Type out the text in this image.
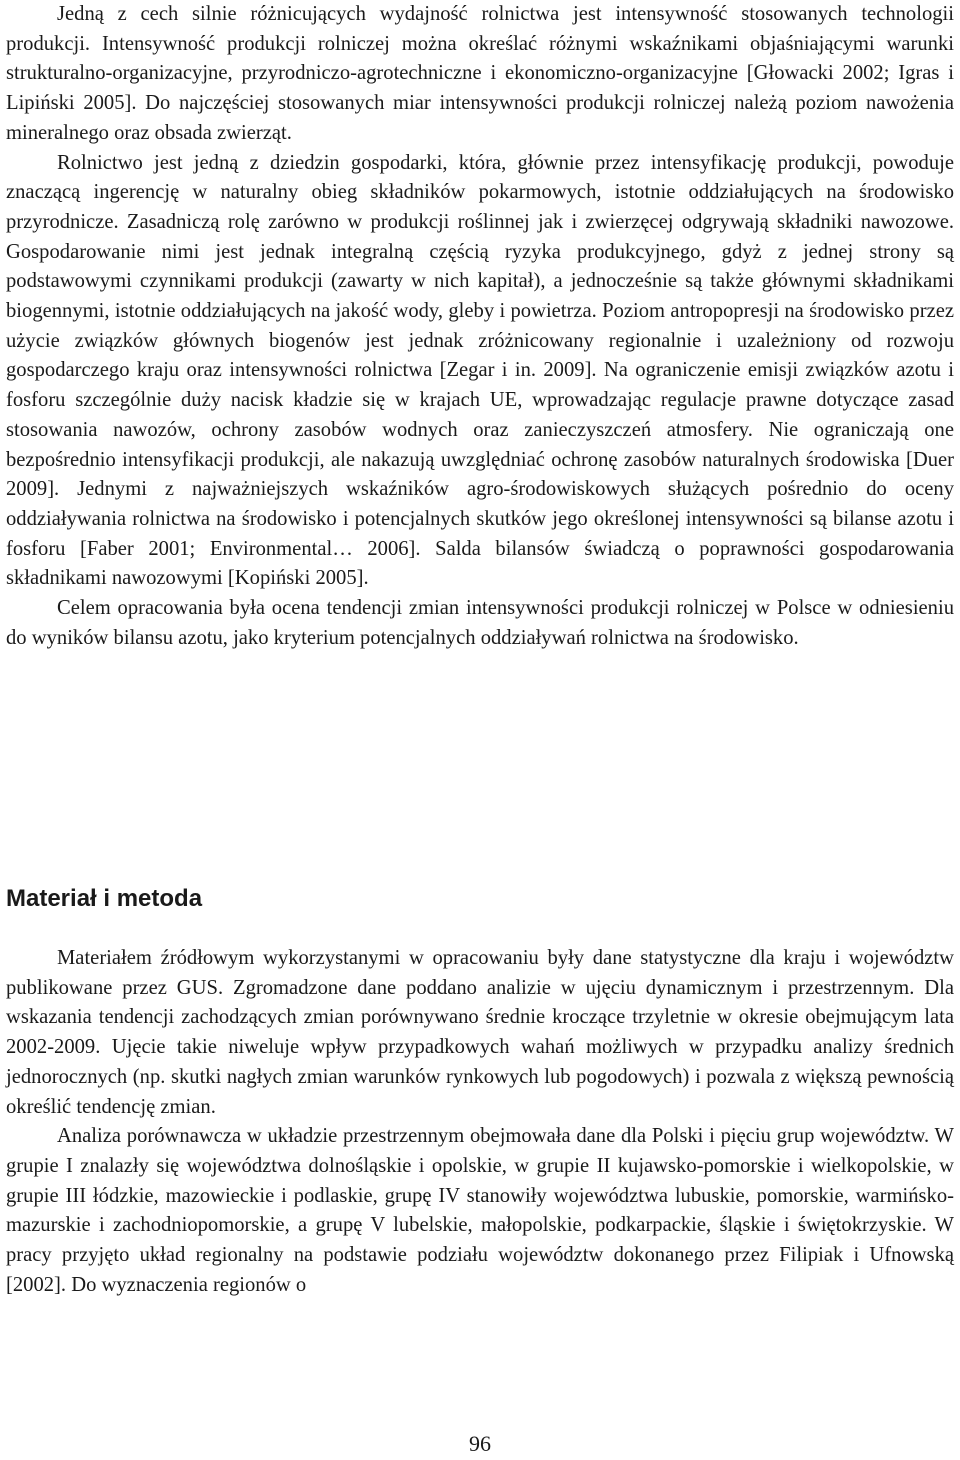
Jedną z cech silnie różnicujących wydajność rolnictwa jest intensywność stosowanych technologii produkcji. Intensywność produkcji rolniczej można określać różnymi wskaźnikami objaśniającymi warunki strukturalno-organizacyjne, przyrodniczo-agrotechniczne i ekonomiczno-organizacyjne [Głowacki 2002; Igras i Lipiński 2005]. Do najczęściej stosowanych miar intensywności produkcji rolniczej należą poziom nawożenia mineralnego oraz obsada zwierząt.

Rolnictwo jest jedną z dziedzin gospodarki, która, głównie przez intensyfikację produkcji, powoduje znaczącą ingerencję w naturalny obieg składników pokarmowych, istotnie oddziałujących na środowisko przyrodnicze. Zasadniczą rolę zarówno w produkcji roślinnej jak i zwierzęcej odgrywają składniki nawozowe. Gospodarowanie nimi jest jednak integralną częścią ryzyka produkcyjnego, gdyż z jednej strony są podstawowymi czynnikami produkcji (zawarty w nich kapitał), a jednocześnie są także głównymi składnikami biogennymi, istotnie oddziałujących na jakość wody, gleby i powietrza. Poziom antropopresji na środowisko przez użycie związków głównych biogenów jest jednak zróżnicowany regionalnie i uzależniony od rozwoju gospodarczego kraju oraz intensywności rolnictwa [Zegar i in. 2009]. Na ograniczenie emisji związków azotu i fosforu szczególnie duży nacisk kładzie się w krajach UE, wprowadzając regulacje prawne dotyczące zasad stosowania nawozów, ochrony zasobów wodnych oraz zanieczyszczeń atmosfery. Nie ograniczają one bezpośrednio intensyfikacji produkcji, ale nakazują uwzględniać ochronę zasobów naturalnych środowiska [Duer 2009]. Jednymi z najważniejszych wskaźników agro-środowiskowych służących pośrednio do oceny oddziaływania rolnictwa na środowisko i potencjalnych skutków jego określonej intensywności są bilanse azotu i fosforu [Faber 2001; Environmental… 2006]. Salda bilansów świadczą o poprawności gospodarowania składnikami nawozowymi [Kopiński 2005].

Celem opracowania była ocena tendencji zmian intensywności produkcji rolniczej w Polsce w odniesieniu do wyników bilansu azotu, jako kryterium potencjalnych oddziaływań rolnictwa na środowisko.

Materiał i metoda

Materiałem źródłowym wykorzystanymi w opracowaniu były dane statystyczne dla kraju i województw publikowane przez GUS. Zgromadzone dane poddano analizie w ujęciu dynamicznym i przestrzennym. Dla wskazania tendencji zachodzących zmian porównywano średnie kroczące trzyletnie w okresie obejmującym lata 2002-2009. Ujęcie takie niweluje wpływ przypadkowych wahań możliwych w przypadku analizy średnich jednorocznych (np. skutki nagłych zmian warunków rynkowych lub pogodowych) i pozwala z większą pewnością określić tendencję zmian.

Analiza porównawcza w układzie przestrzennym obejmowała dane dla Polski i pięciu grup województw. W grupie I znalazły się województwa dolnośląskie i opolskie, w grupie II kujawsko-pomorskie i wielkopolskie, w grupie III łódzkie, mazowieckie i podlaskie, grupę IV stanowiły województwa lubuskie, pomorskie, warmińsko-mazurskie i zachodniopomorskie, a grupę V lubelskie, małopolskie, podkarpackie, śląskie i świętokrzyskie. W pracy przyjęto układ regionalny na podstawie podziału województw dokonanego przez Filipiak i Ufnowską [2002]. Do wyznaczenia regionów o

96
